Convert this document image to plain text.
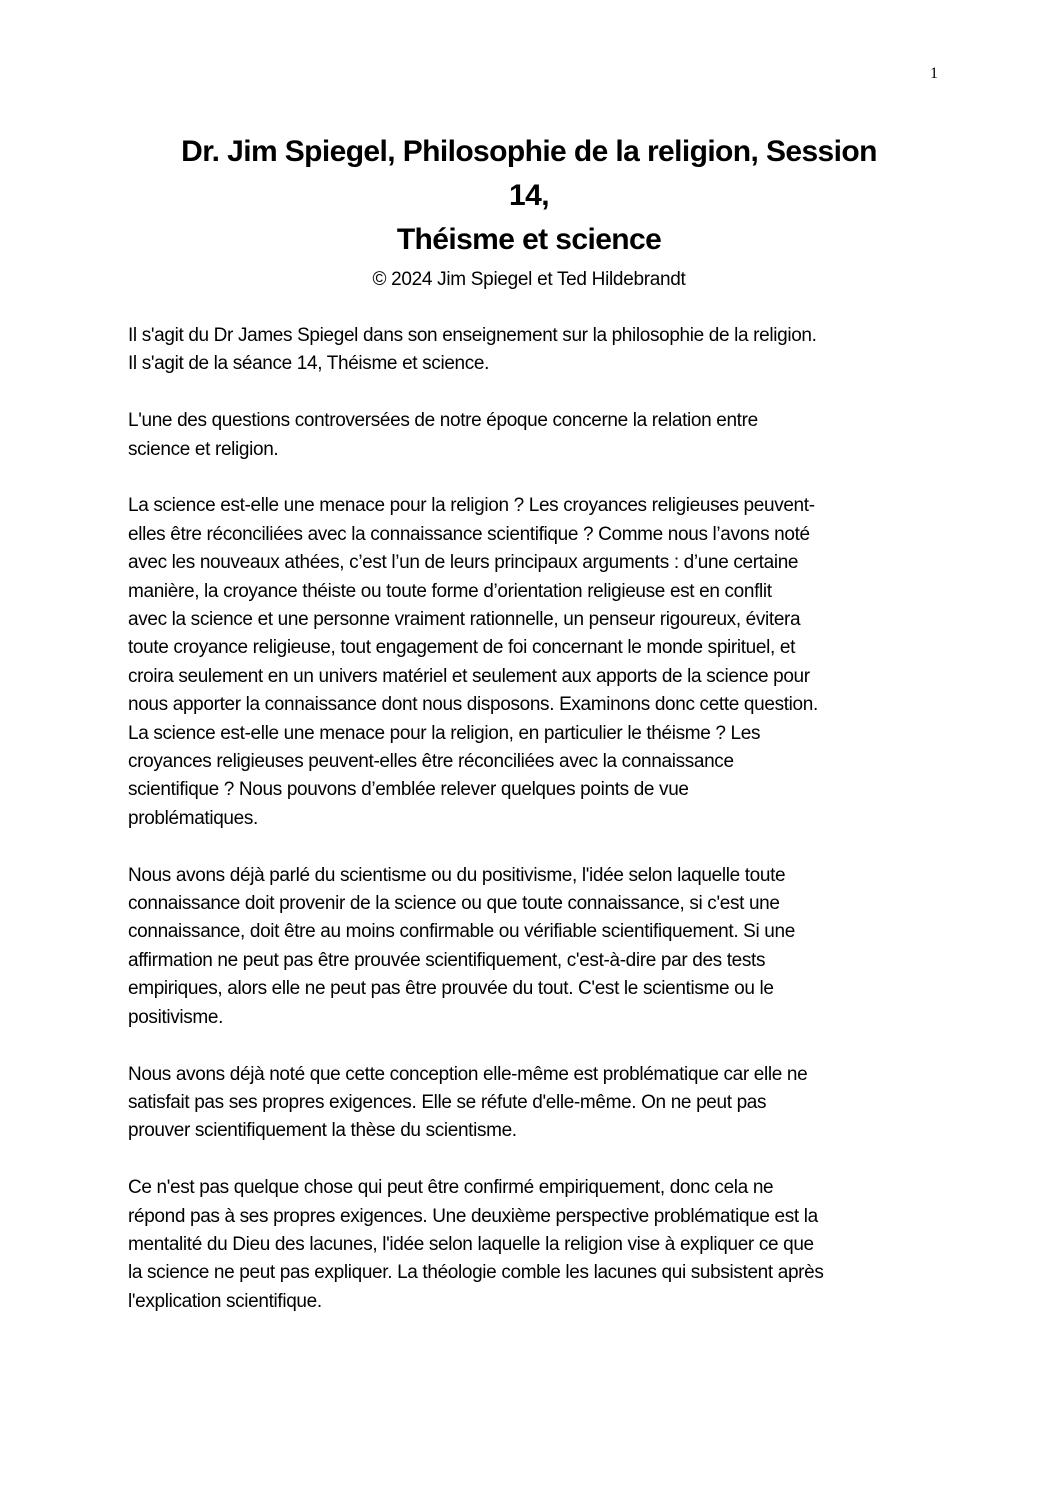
1
Dr. Jim Spiegel, Philosophie de la religion, Session
14,
Théisme et science
© 2024 Jim Spiegel et Ted Hildebrandt

Il s'agit du Dr James Spiegel dans son enseignement sur la philosophie de la religion.
Il s'agit de la séance 14, Théisme et science.

L'une des questions controversées de notre époque concerne la relation entre
science et religion.

La science est-elle une menace pour la religion ? Les croyances religieuses peuvent-
elles être réconciliées avec la connaissance scientifique ? Comme nous l’avons noté
avec les nouveaux athées, c’est l’un de leurs principaux arguments : d’une certaine
manière, la croyance théiste ou toute forme d’orientation religieuse est en conflit
avec la science et une personne vraiment rationnelle, un penseur rigoureux, évitera
toute croyance religieuse, tout engagement de foi concernant le monde spirituel, et
croira seulement en un univers matériel et seulement aux apports de la science pour
nous apporter la connaissance dont nous disposons. Examinons donc cette question.
La science est-elle une menace pour la religion, en particulier le théisme ? Les
croyances religieuses peuvent-elles être réconciliées avec la connaissance
scientifique ? Nous pouvons d’emblée relever quelques points de vue
problématiques.

Nous avons déjà parlé du scientisme ou du positivisme, l'idée selon laquelle toute
connaissance doit provenir de la science ou que toute connaissance, si c'est une
connaissance, doit être au moins confirmable ou vérifiable scientifiquement. Si une
affirmation ne peut pas être prouvée scientifiquement, c'est-à-dire par des tests
empiriques, alors elle ne peut pas être prouvée du tout. C'est le scientisme ou le
positivisme.

Nous avons déjà noté que cette conception elle-même est problématique car elle ne
satisfait pas ses propres exigences. Elle se réfute d'elle-même. On ne peut pas
prouver scientifiquement la thèse du scientisme.

Ce n'est pas quelque chose qui peut être confirmé empiriquement, donc cela ne
répond pas à ses propres exigences. Une deuxième perspective problématique est la
mentalité du Dieu des lacunes, l'idée selon laquelle la religion vise à expliquer ce que
la science ne peut pas expliquer. La théologie comble les lacunes qui subsistent après
l'explication scientifique.
